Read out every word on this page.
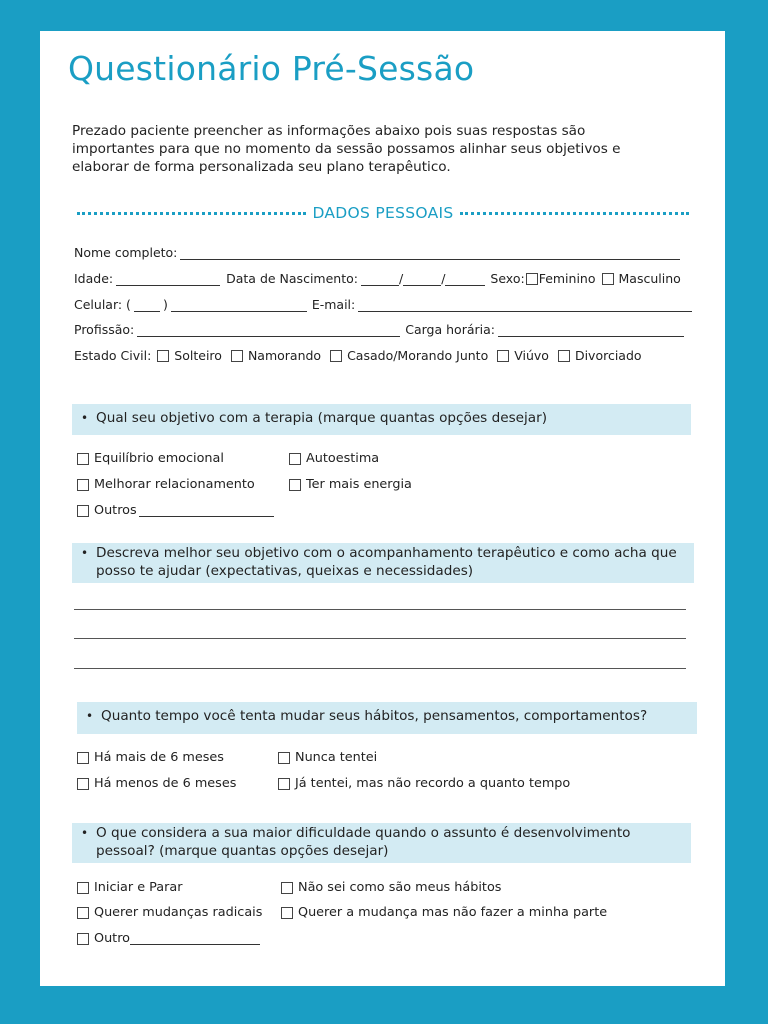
Questionário Pré-Sessão
Prezado paciente preencher as informações abaixo pois suas respostas são importantes para que no momento da sessão possamos alinhar seus objetivos e elaborar de forma personalizada seu plano terapêutico.
DADOS PESSOAIS
Nome completo:
Idade:	Data de Nascimento:	/	/	Sexo: Feminino Masculino
Celular: (	)	E-mail:
Profissão:	Carga horária:
Estado Civil: Solteiro Namorando Casado/Morando Junto Viúvo Divorciado
• Qual seu objetivo com a terapia (marque quantas opções desejar)
Equilíbrio emocional	Autoestima
Melhorar relacionamento	Ter mais energia
Outros
• Descreva melhor seu objetivo com o acompanhamento terapêutico e como acha que posso te ajudar (expectativas, queixas e necessidades)
• Quanto tempo você tenta mudar seus hábitos, pensamentos, comportamentos?
Há mais de 6 meses	Nunca tentei
Há menos de 6 meses	Já tentei, mas não recordo a quanto tempo
• O que considera a sua maior dificuldade quando o assunto é desenvolvimento pessoal? (marque quantas opções desejar)
Iniciar e Parar	Não sei como são meus hábitos
Querer mudanças radicais	Querer a mudança mas não fazer a minha parte
Outro
